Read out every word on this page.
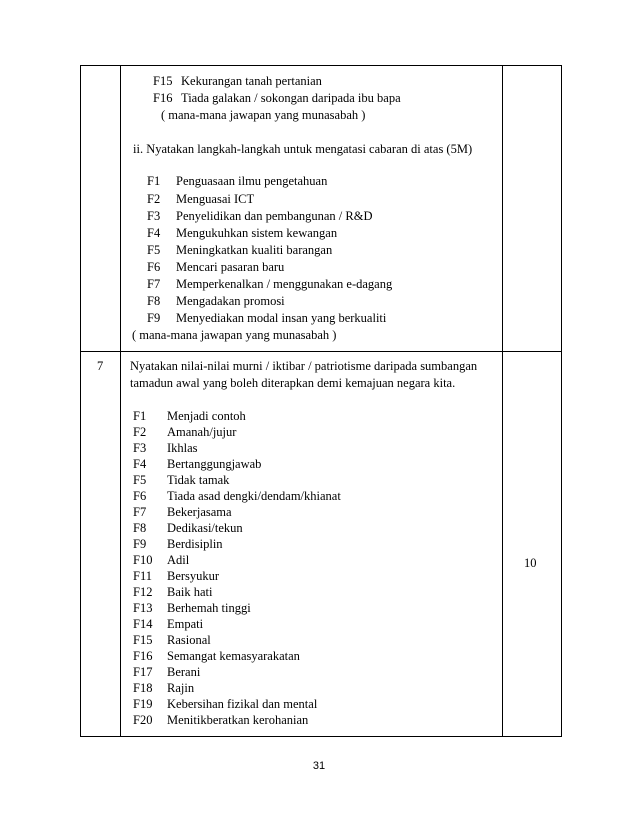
F15 Kekurangan tanah pertanian
F16 Tiada galakan / sokongan daripada ibu bapa
( mana-mana jawapan yang munasabah )
ii. Nyatakan langkah-langkah untuk mengatasi cabaran di atas (5M)
F1 Penguasaan ilmu pengetahuan
F2 Menguasai ICT
F3 Penyelidikan dan pembangunan / R&D
F4 Mengukuhkan sistem kewangan
F5 Meningkatkan kualiti barangan
F6 Mencari pasaran baru
F7 Memperkenalkan / menggunakan e-dagang
F8 Mengadakan promosi
F9 Menyediakan modal insan yang berkualiti
( mana-mana jawapan yang munasabah )
7 Nyatakan nilai-nilai murni / iktibar / patriotisme daripada sumbangan
tamadun awal yang boleh diterapkan demi kemajuan negara kita.
F1 Menjadi contoh
F2 Amanah/jujur
F3 Ikhlas
F4 Bertanggungjawab
F5 Tidak tamak
F6 Tiada asad dengki/dendam/khianat
F7 Bekerjasama
F8 Dedikasi/tekun
F9 Berdisiplin
F10 Adil
F11 Bersyukur
F12 Baik hati
F13 Berhemah tinggi
F14 Empati
F15 Rasional
F16 Semangat kemasyarakatan
F17 Berani
F18 Rajin
F19 Kebersihan fizikal dan mental
F20 Menitikberatkan kerohanian
10
31
